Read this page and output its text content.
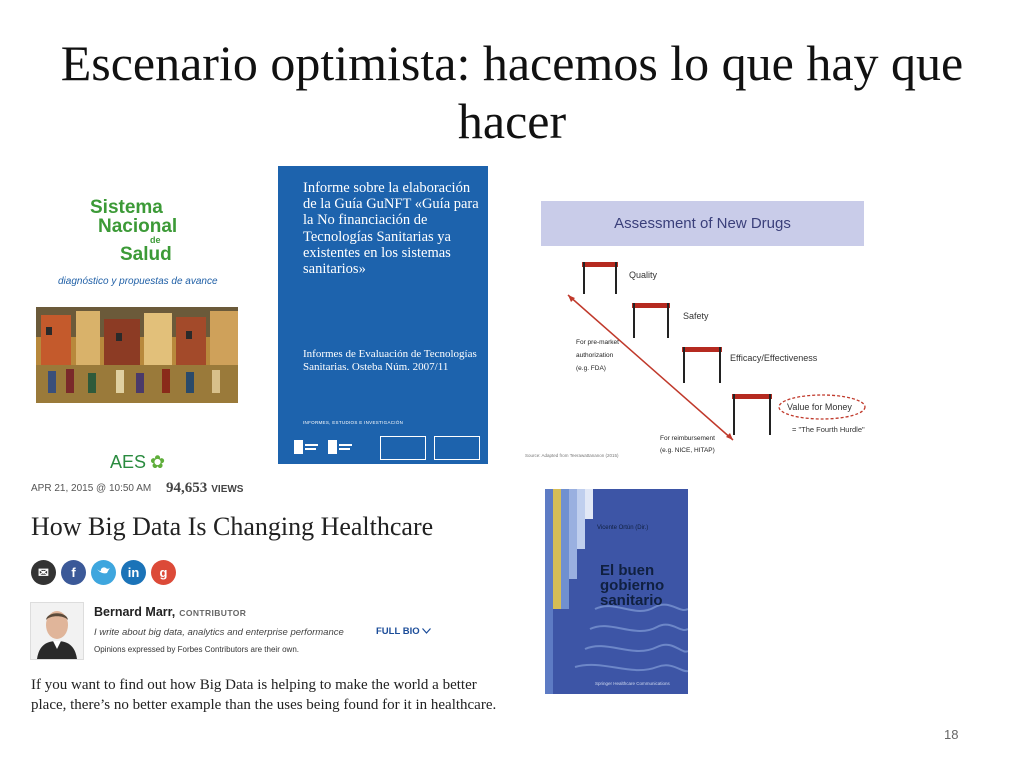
Escenario optimista: hacemos lo que hay que hacer
Sistema
Nacional
de
Salud
diagnóstico y propuestas de avance
AES ✿
Informe sobre la elaboración de la Guía GuNFT «Guía para la No financiación de Tecnologías Sanitarias ya existentes en los sistemas sanitarios»
Informes de Evaluación de Tecnologías Sanitarias. Osteba Núm. 2007/11
INFORMES, ESTUDIOS E INVESTIGACIÓN
Assessment of New Drugs
Quality
Safety
Efficacy/Effectiveness
Value for Money
= "The Fourth Hurdle"
For pre-market
authorization
(e.g. FDA)
For reimbursement
(e.g. NICE, HITAP)
Source: Adapted from Teerawattananon (2015)
APR 21, 2015 @ 10:50 AM 94,653 VIEWS
How Big Data Is Changing Healthcare
✉	f	in	g
Bernard Marr, CONTRIBUTOR
I write about big data, analytics and enterprise performance	FULL BIO
Opinions expressed by Forbes Contributors are their own.
If you want to find out how Big Data is helping to make the world a better place, there’s no better example than the uses being found for it in healthcare.
Vicente Ortún (Dir.)
El buen gobierno sanitario
Springer Healthcare Communications
18
